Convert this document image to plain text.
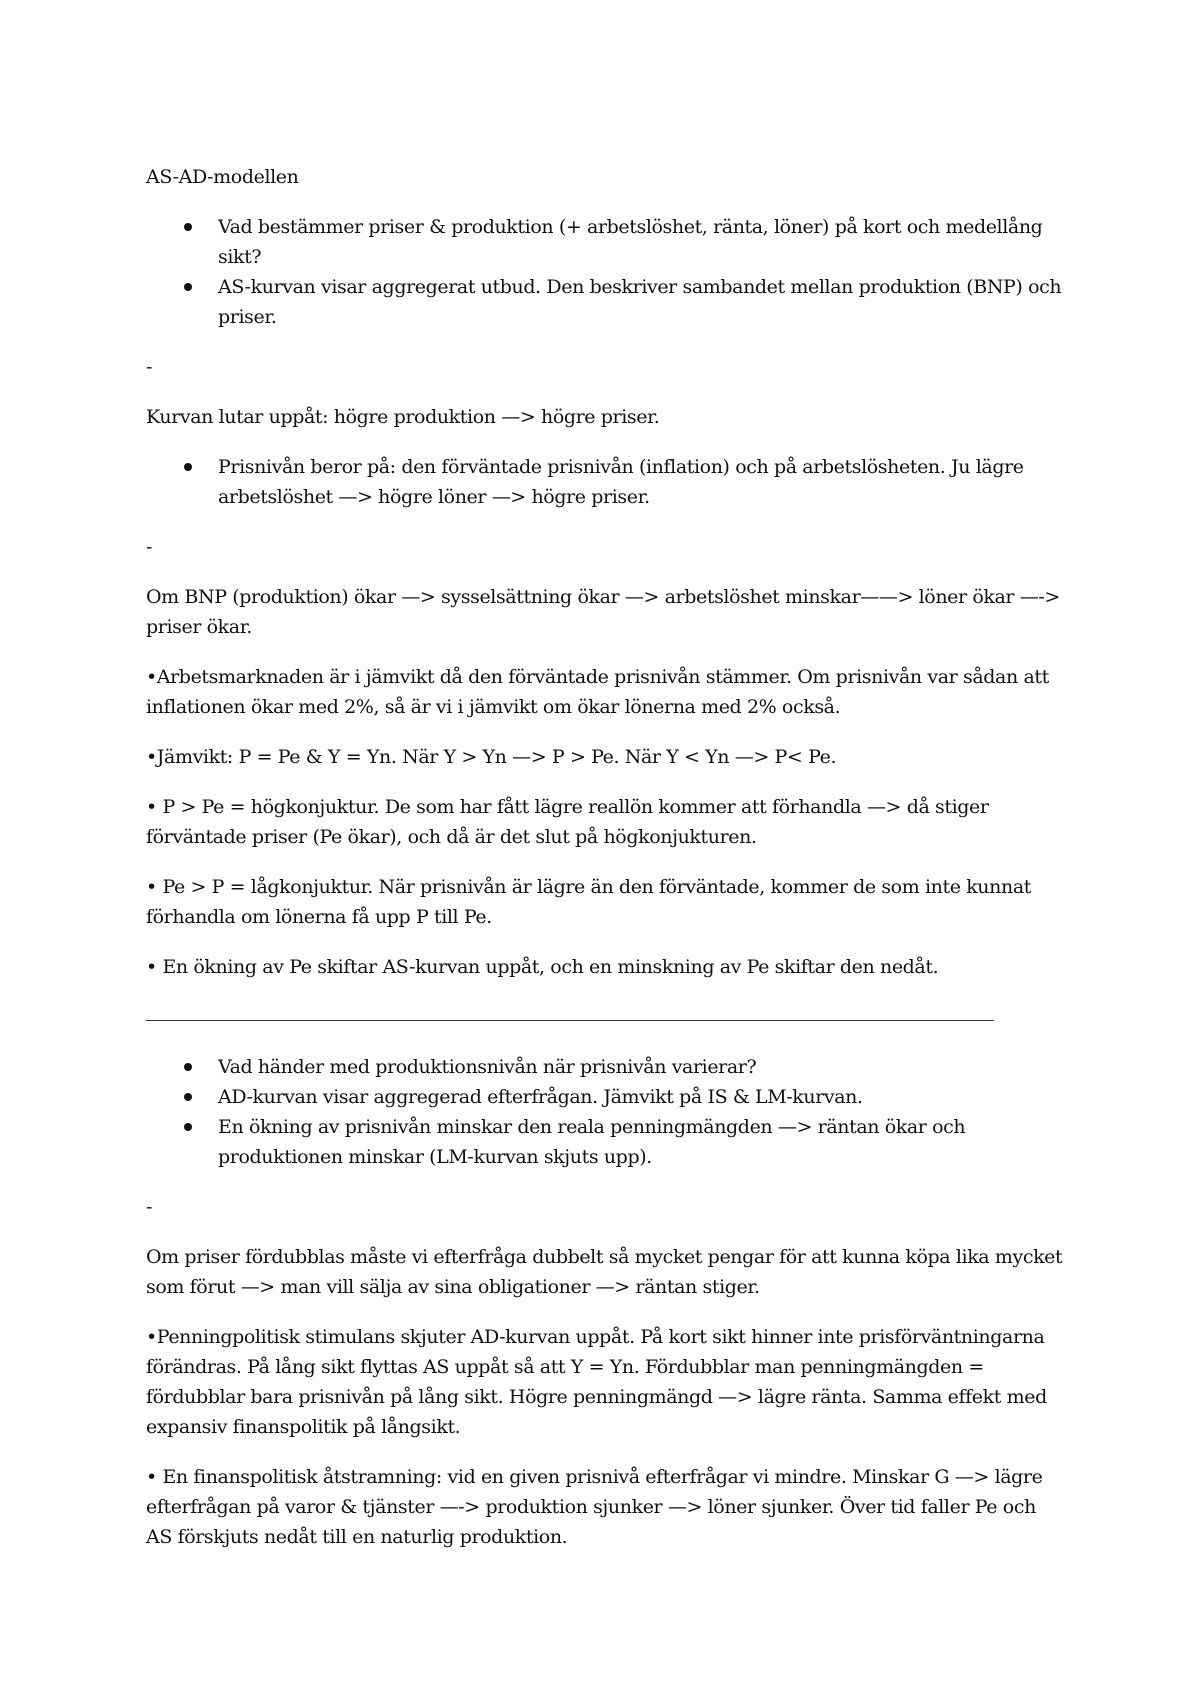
AS-AD-modellen
Vad bestämmer priser & produktion (+ arbetslöshet, ränta, löner) på kort och medellång sikt?
AS-kurvan visar aggregerat utbud. Den beskriver sambandet mellan produktion (BNP) och priser.
-
Kurvan lutar uppåt: högre produktion —> högre priser.
Prisnivån beror på: den förväntade prisnivån (inflation) och på arbetslösheten. Ju lägre arbetslöshet —> högre löner —> högre priser.
-
Om BNP (produktion) ökar —> sysselsättning ökar —> arbetslöshet minskar——> löner ökar —-> priser ökar.
•Arbetsmarknaden är i jämvikt då den förväntade prisnivån stämmer. Om prisnivån var sådan att inflationen ökar med 2%, så är vi i jämvikt om ökar lönerna med 2% också.
•Jämvikt: P = Pe & Y = Yn. När Y > Yn —> P > Pe. När Y < Yn —> P< Pe.
• P > Pe = högkonjuktur. De som har fått lägre reallön kommer att förhandla —> då stiger förväntade priser (Pe ökar), och då är det slut på högkonjukturen.
• Pe > P = lågkonjuktur. När prisnivån är lägre än den förväntade, kommer de som inte kunnat förhandla om lönerna få upp P till Pe.
• En ökning av Pe skiftar AS-kurvan uppåt, och en minskning av Pe skiftar den nedåt.
Vad händer med produktionsnivån när prisnivån varierar?
AD-kurvan visar aggregerad efterfrågan. Jämvikt på IS & LM-kurvan.
En ökning av prisnivån minskar den reala penningmängden —> räntan ökar och produktionen minskar (LM-kurvan skjuts upp).
-
Om priser fördubblas måste vi efterfråga dubbelt så mycket pengar för att kunna köpa lika mycket som förut —> man vill sälja av sina obligationer —> räntan stiger.
•Penningpolitisk stimulans skjuter AD-kurvan uppåt. På kort sikt hinner inte prisförväntningarna förändras. På lång sikt flyttas AS uppåt så att Y = Yn. Fördubblar man penningmängden = fördubblar bara prisnivån på lång sikt. Högre penningmängd —> lägre ränta. Samma effekt med expansiv finanspolitik på långsikt.
• En finanspolitisk åtstramning: vid en given prisnivå efterfrågar vi mindre. Minskar G —> lägre efterfrågan på varor & tjänster —-> produktion sjunker —> löner sjunker. Över tid faller Pe och AS förskjuts nedåt till en naturlig produktion.
